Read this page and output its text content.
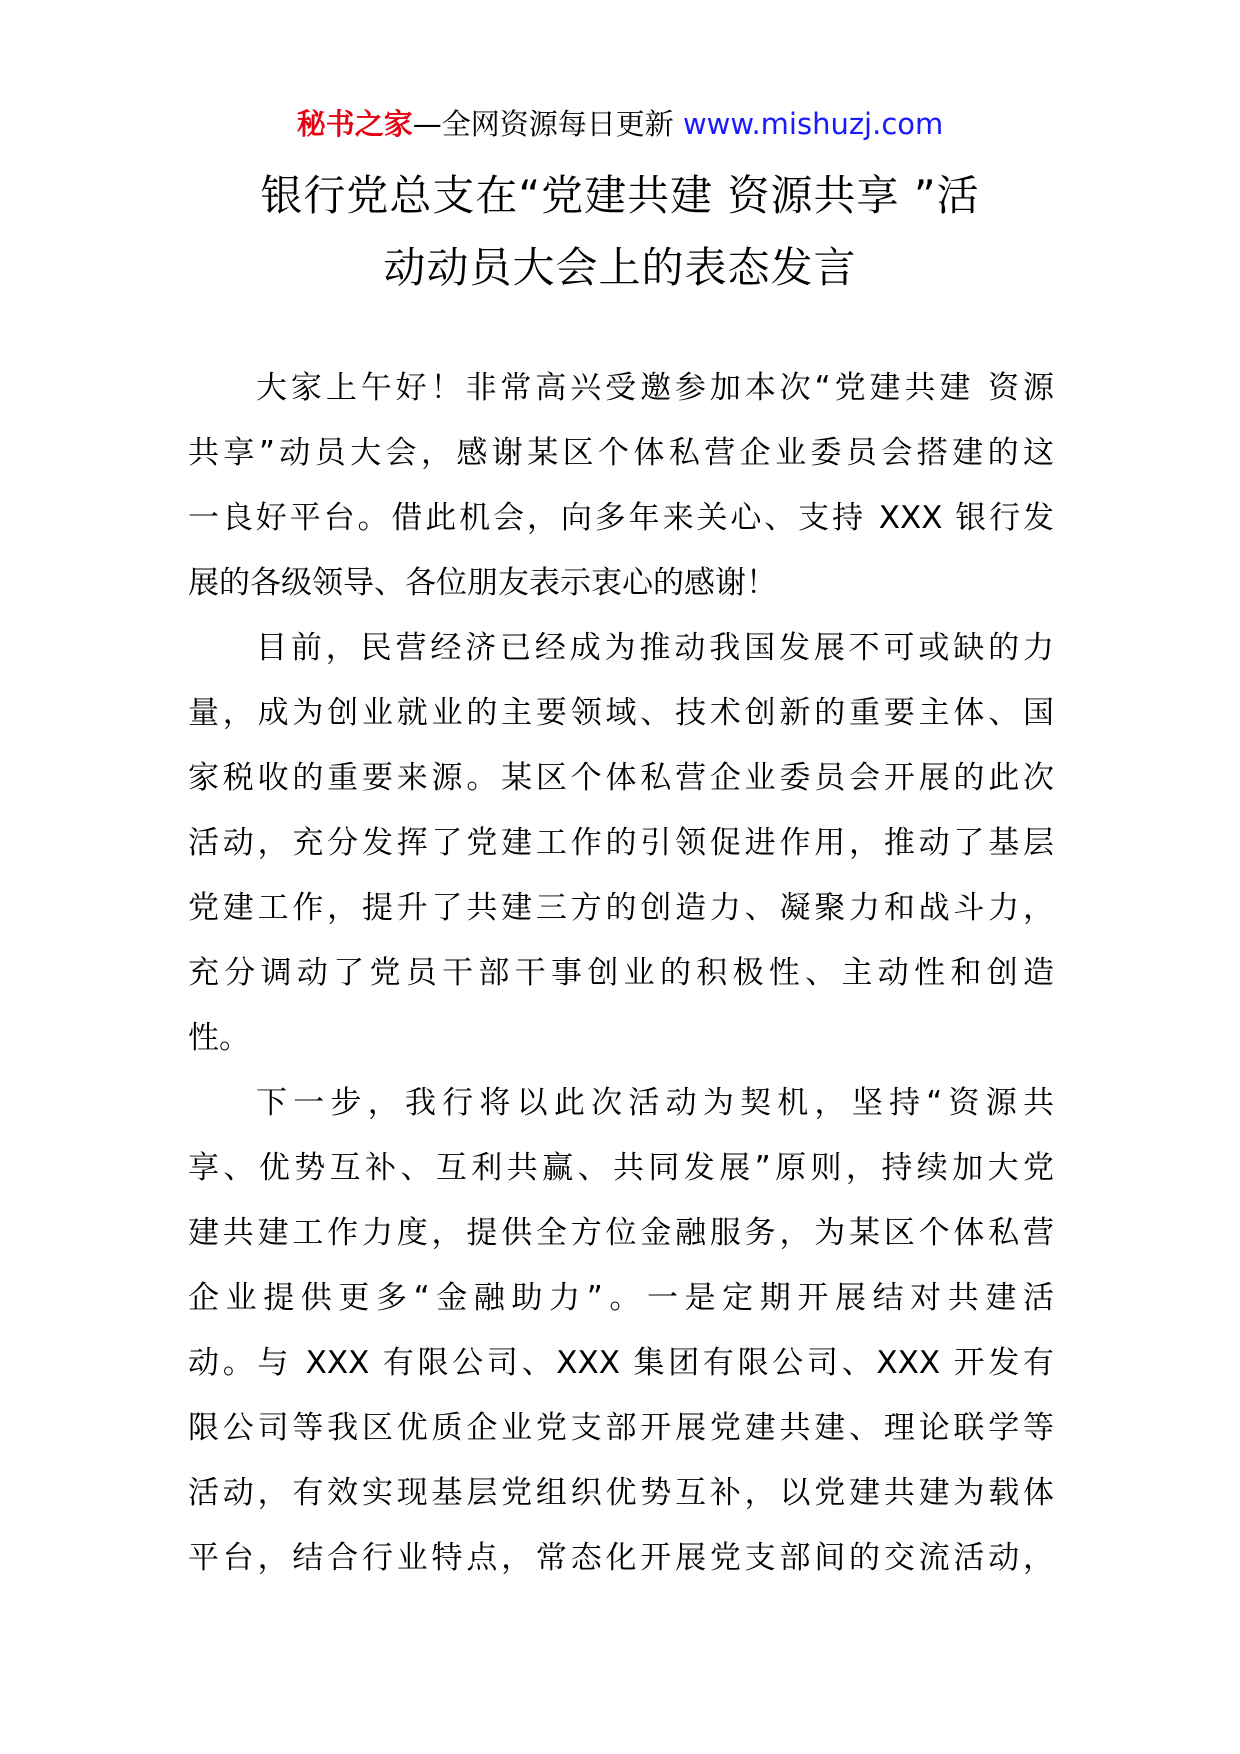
秘书之家—全网资源每日更新 www.mishuzj.com
银行党总支在“党建共建 资源共享 ”活
动动员大会上的表态发言
大家上午好！非常高兴受邀参加本次“党建共建 资源
共享”动员大会，感谢某区个体私营企业委员会搭建的这
一良好平台。借此机会，向多年来关心、支持 XXX 银行发
展的各级领导、各位朋友表示衷心的感谢！
目前，民营经济已经成为推动我国发展不可或缺的力
量，成为创业就业的主要领域、技术创新的重要主体、国
家税收的重要来源。某区个体私营企业委员会开展的此次
活动，充分发挥了党建工作的引领促进作用，推动了基层
党建工作，提升了共建三方的创造力、凝聚力和战斗力，
充分调动了党员干部干事创业的积极性、主动性和创造
性。
下一步，我行将以此次活动为契机，坚持“资源共
享、优势互补、互利共赢、共同发展”原则，持续加大党
建共建工作力度，提供全方位金融服务，为某区个体私营
企业提供更多“金融助力”。一是定期开展结对共建活
动。与 XXX 有限公司、XXX 集团有限公司、XXX 开发有
限公司等我区优质企业党支部开展党建共建、理论联学等
活动，有效实现基层党组织优势互补，以党建共建为载体
平台，结合行业特点，常态化开展党支部间的交流活动，
